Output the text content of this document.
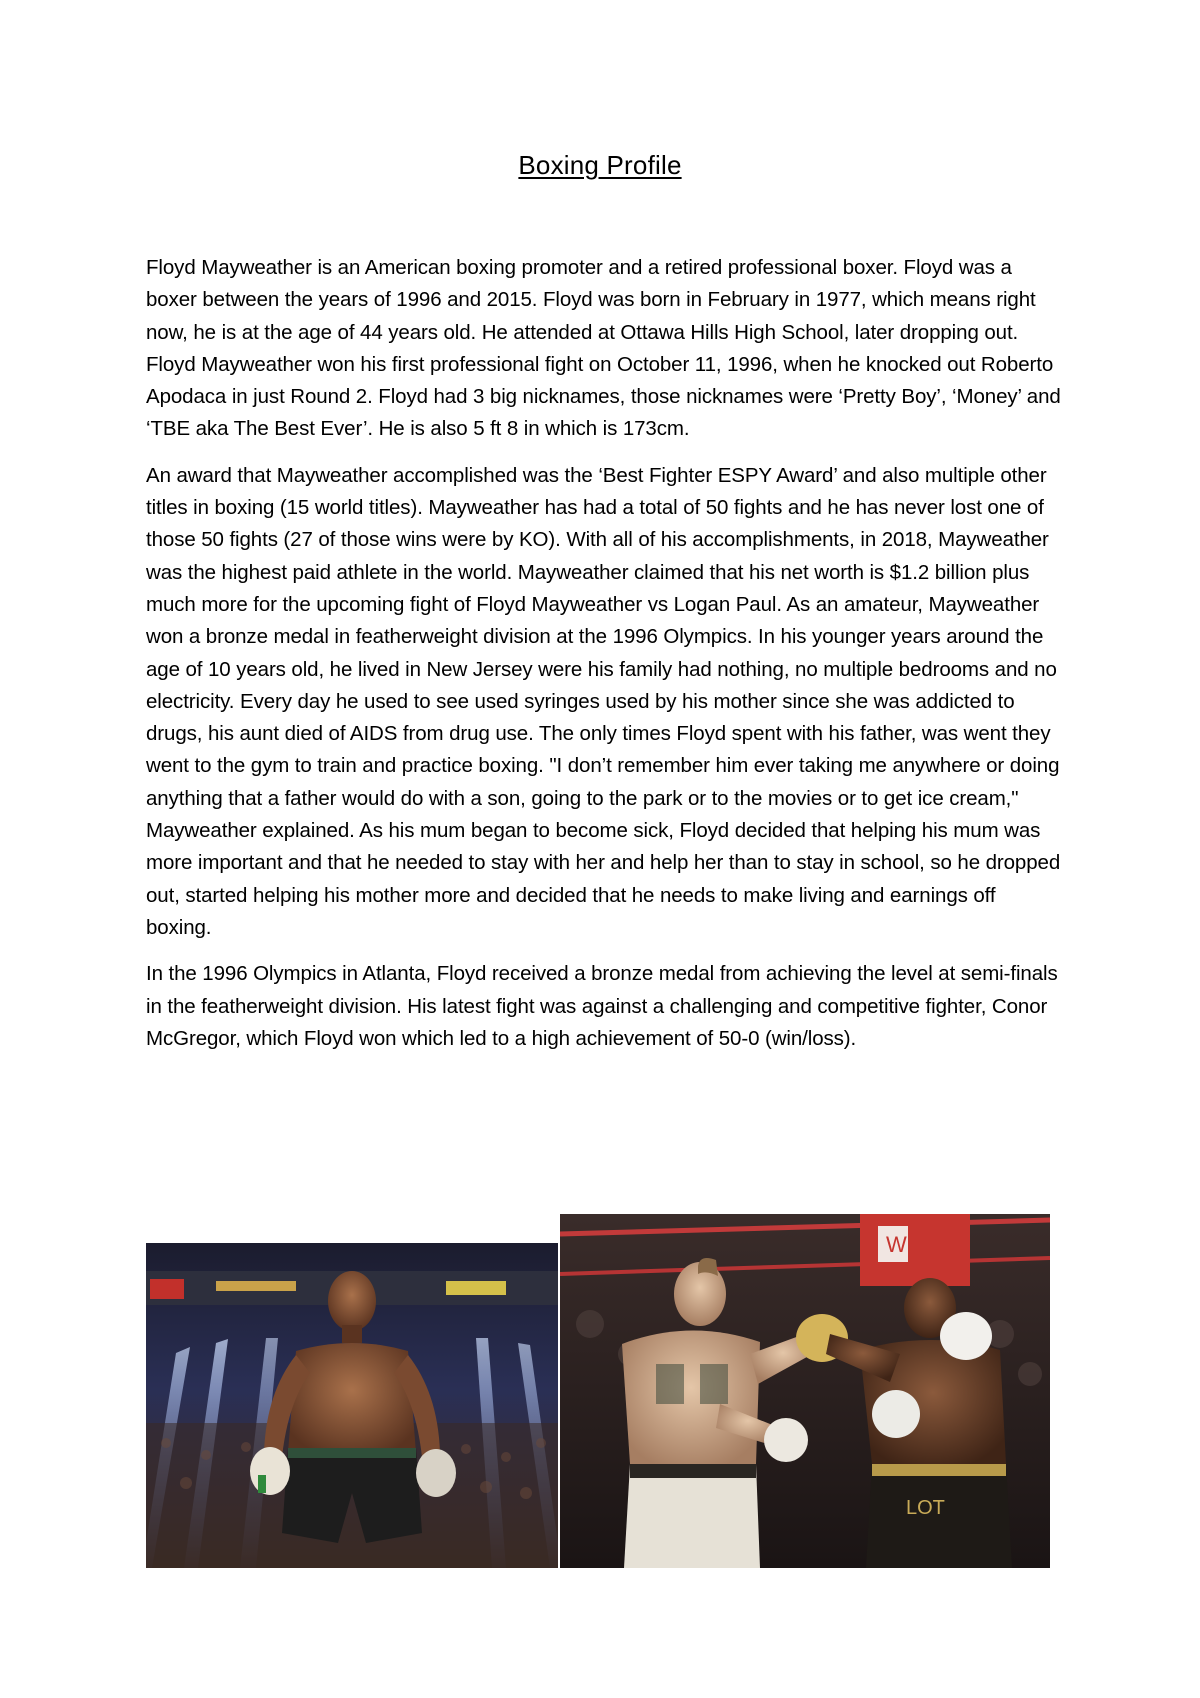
Boxing Profile

Floyd Mayweather is an American boxing promoter and a retired professional boxer. Floyd was a boxer between the years of 1996 and 2015. Floyd was born in February in 1977, which means right now, he is at the age of 44 years old. He attended at Ottawa Hills High School, later dropping out. Floyd Mayweather won his first professional fight on October 11, 1996, when he knocked out Roberto Apodaca in just Round 2. Floyd had 3 big nicknames, those nicknames were ‘Pretty Boy’, ‘Money’ and ‘TBE aka The Best Ever’. He is also 5 ft 8 in which is 173cm.

An award that Mayweather accomplished was the ‘Best Fighter ESPY Award’ and also multiple other titles in boxing (15 world titles). Mayweather has had a total of 50 fights and he has never lost one of those 50 fights (27 of those wins were by KO). With all of his accomplishments, in 2018, Mayweather was the highest paid athlete in the world. Mayweather claimed that his net worth is $1.2 billion plus much more for the upcoming fight of Floyd Mayweather vs Logan Paul. As an amateur, Mayweather won a bronze medal in featherweight division at the 1996 Olympics. In his younger years around the age of 10 years old, he lived in New Jersey were his family had nothing, no multiple bedrooms and no electricity. Every day he used to see used syringes used by his mother since she was addicted to drugs, his aunt died of AIDS from drug use. The only times Floyd spent with his father, was went they went to the gym to train and practice boxing. "I don’t remember him ever taking me anywhere or doing anything that a father would do with a son, going to the park or to the movies or to get ice cream," Mayweather explained. As his mum began to become sick, Floyd decided that helping his mum was more important and that he needed to stay with her and help her than to stay in school, so he dropped out, started helping his mother more and decided that he needs to make living and earnings off boxing.

In the 1996 Olympics in Atlanta, Floyd received a bronze medal from achieving the level at semi-finals in the featherweight division. His latest fight was against a challenging and competitive fighter, Conor McGregor, which Floyd won which led to a high achievement of 50-0 (win/loss).

W
LOT
